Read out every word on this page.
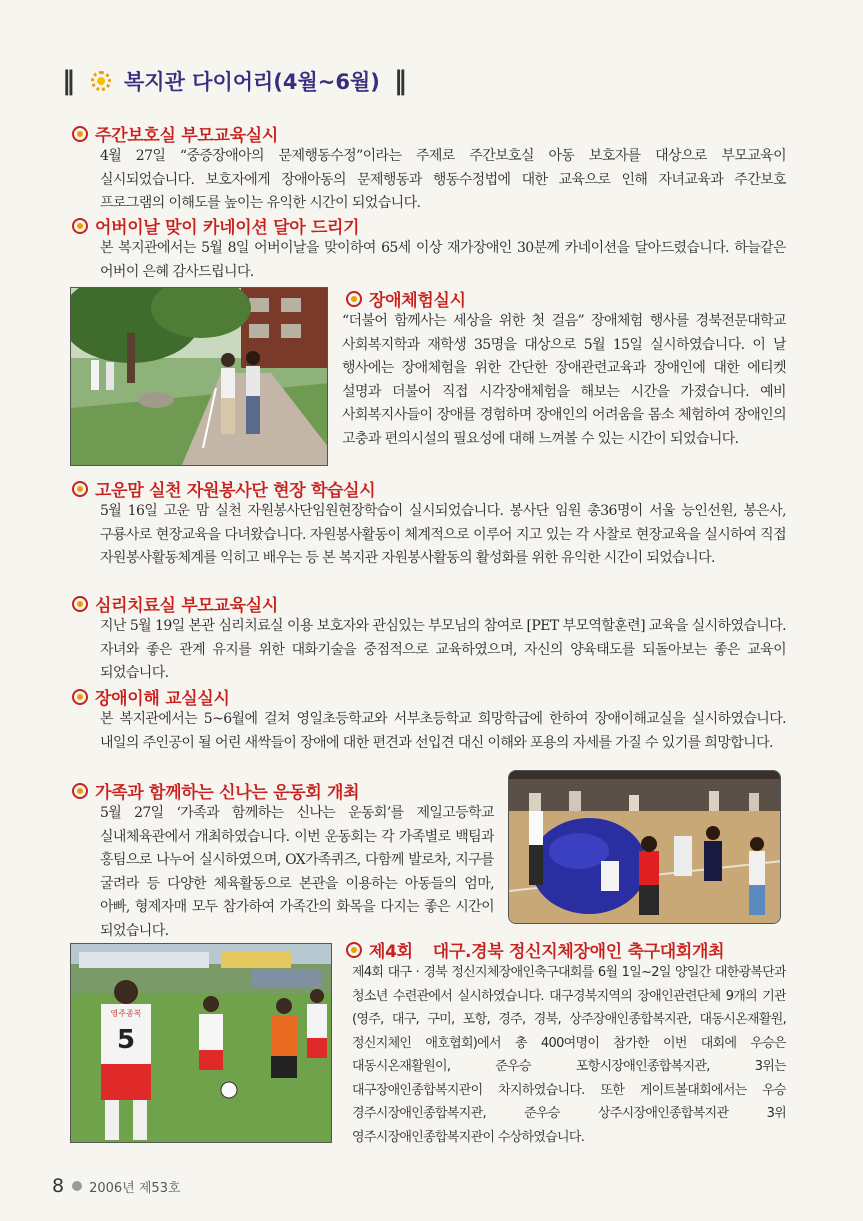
‖ 복지관 다이어리(4월~6월) ‖
주간보호실 부모교육실시
4월 27일 “중증장애아의 문제행동수정”이라는 주제로 주간보호실 아동 보호자를 대상으로 부모교육이 실시되었습니다. 보호자에게 장애아동의 문제행동과 행동수정법에 대한 교육으로 인해 자녀교육과 주간보호 프로그램의 이해도를 높이는 유익한 시간이 되었습니다.
어버이날 맞이 카네이션 달아 드리기
본 복지관에서는 5월 8일 어버이날을 맞이하여 65세 이상 재가장애인 30분께 카네이션을 달아드렸습니다. 하늘같은 어버이 은혜 감사드립니다.
장애체험실시
“더불어 함께사는 세상을 위한 첫 걸음” 장애체험 행사를 경북전문대학교 사회복지학과 재학생 35명을 대상으로 5월 15일 실시하였습니다. 이 날 행사에는 장애체험을 위한 간단한 장애관련교육과 장애인에 대한 에티켓 설명과 더불어 직접 시각장애체험을 해보는 시간을 가졌습니다. 예비 사회복지사들이 장애를 경험하며 장애인의 어려움을 몸소 체험하여 장애인의 고충과 편의시설의 필요성에 대해 느껴볼 수 있는 시간이 되었습니다.
고운맘 실천 자원봉사단 현장 학습실시
5월 16일 고운 맘 실천 자원봉사단임원현장학습이 실시되었습니다. 봉사단 임원 총36명이 서울 능인선원, 봉은사, 구룡사로 현장교육을 다녀왔습니다. 자원봉사활동이 체계적으로 이루어 지고 있는 각 사찰로 현장교육을 실시하여 직접 자원봉사활동체계를 익히고 배우는 등 본 복지관 자원봉사활동의 활성화를 위한 유익한 시간이 되었습니다.
심리치료실 부모교육실시
지난 5월 19일 본관 심리치료실 이용 보호자와 관심있는 부모님의 참여로 [PET 부모역할훈련] 교육을 실시하였습니다. 자녀와 좋은 관계 유지를 위한 대화기술을 중점적으로 교육하였으며, 자신의 양육태도를 되돌아보는 좋은 교육이 되었습니다.
장애이해 교실실시
본 복지관에서는 5~6월에 걸쳐 영일초등학교와 서부초등학교 희망학급에 한하여 장애이해교실을 실시하였습니다. 내일의 주인공이 될 어린 새싹들이 장애에 대한 편견과 선입견 대신 이해와 포용의 자세를 가질 수 있기를 희망합니다.
가족과 함께하는 신나는 운동회 개최
5월 27일 ‘가족과 함께하는 신나는 운동회’를 제일고등학교 실내체육관에서 개최하였습니다. 이번 운동회는 각 가족별로 백팀과 홍팀으로 나누어 실시하였으며, OX가족퀴즈, 다함께 발로차, 지구를 굴려라 등 다양한 체육활동으로 본관을 이용하는 아동들의 엄마, 아빠, 형제자매 모두 참가하여 가족간의 화목을 다지는 좋은 시간이 되었습니다.
5
영주종복
제4회 대구.경북 정신지체장애인 축구대회개최
제4회 대구 · 경북 정신지체장애인축구대회를 6월 1일~2일 양일간 대한광복단과 청소년 수련관에서 실시하였습니다. 대구경북지역의 장애인관련단체 9개의 기관(영주, 대구, 구미, 포항, 경주, 경북, 상주장애인종합복지관, 대동시온재활원, 정신지체인 애호협회)에서 총 400여명이 참가한 이번 대회에 우승은 대동시온재활원이, 준우승 포항시장애인종합복지관, 3위는 대구장애인종합복지관이 차지하였습니다. 또한 게이트볼대회에서는 우승 경주시장애인종합복지관, 준우승 상주시장애인종합복지관 3위 영주시장애인종합복지관이 수상하였습니다.
8 2006년 제53호
